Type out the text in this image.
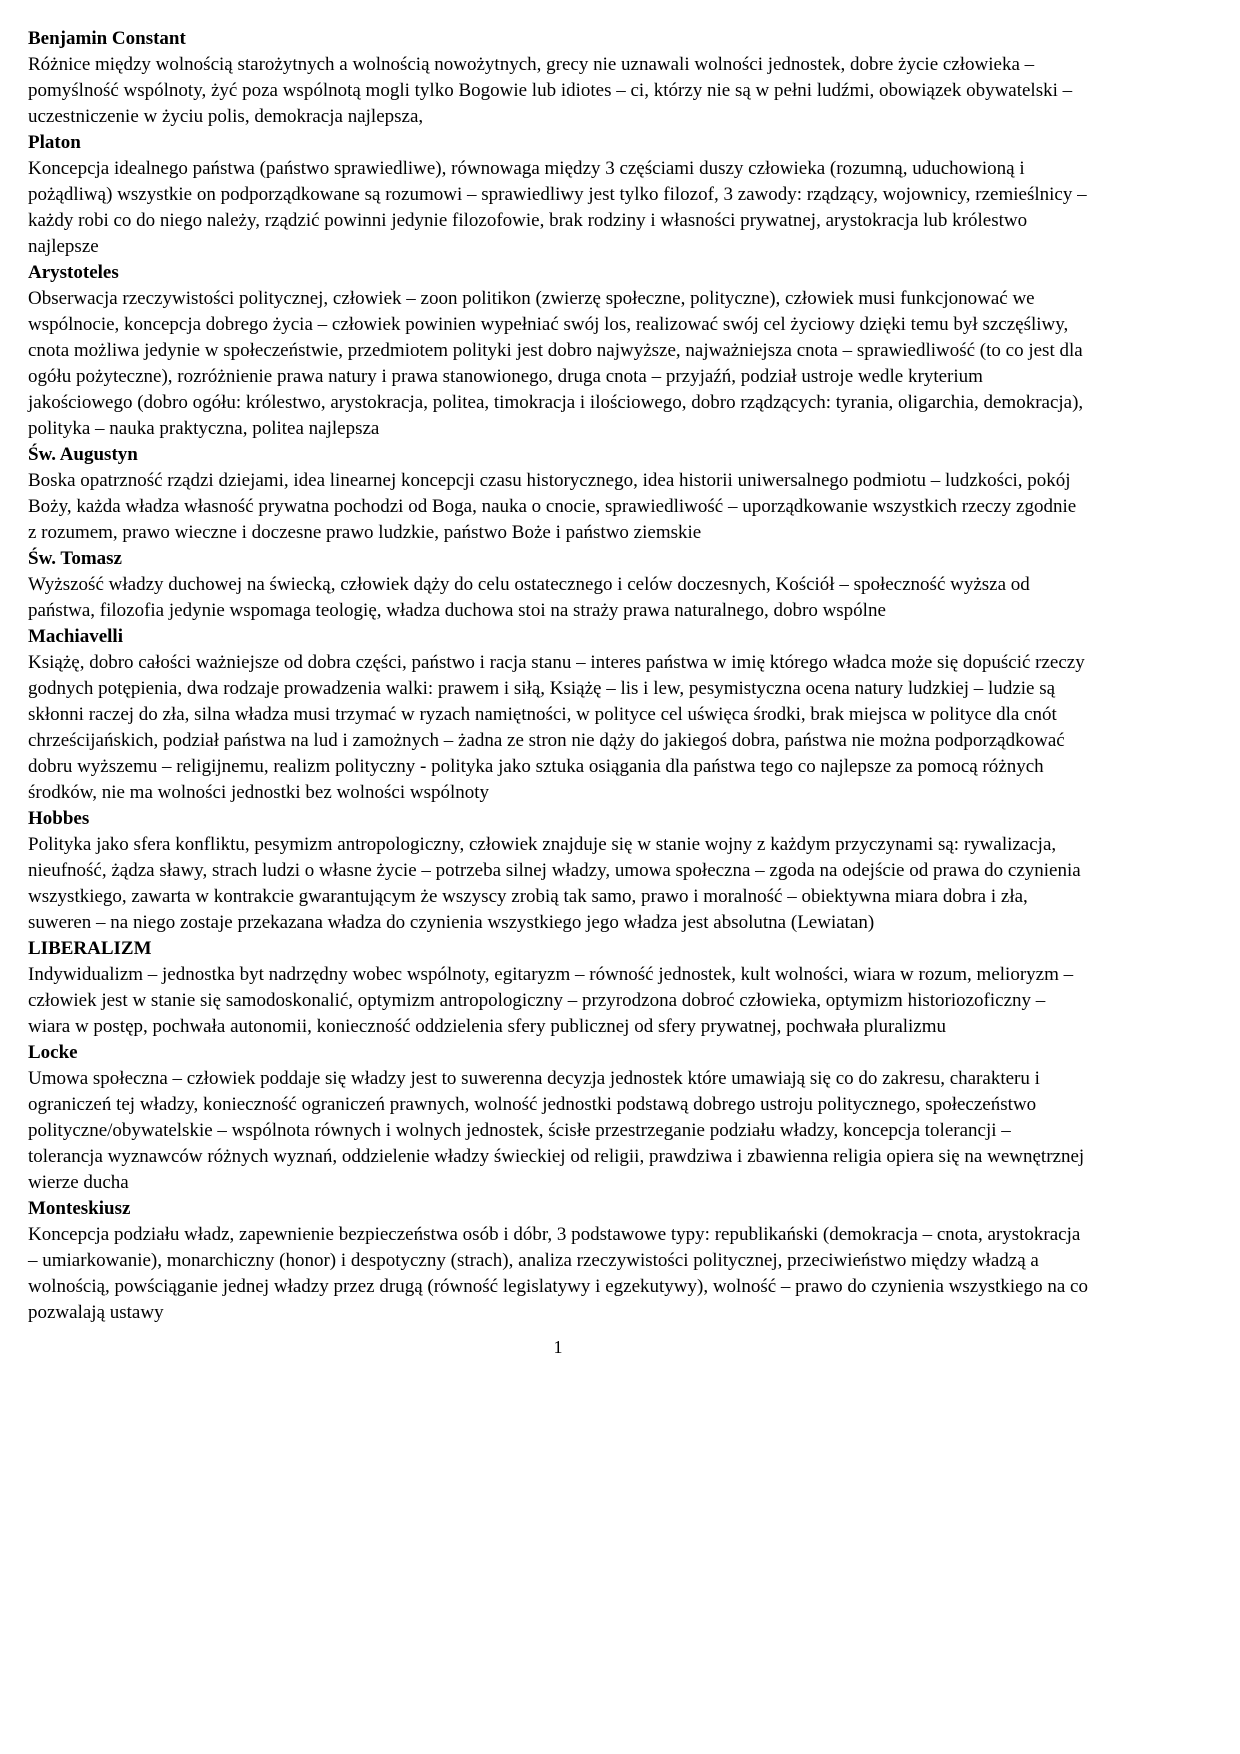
Benjamin Constant

Różnice między wolnością starożytnych a wolnością nowożytnych, grecy nie uznawali wolności jednostek, dobre życie człowieka – pomyślność wspólnoty, żyć poza wspólnotą mogli tylko Bogowie lub idiotes – ci, którzy nie są w pełni ludźmi, obowiązek obywatelski – uczestniczenie w życiu polis, demokracja najlepsza,

Platon

Koncepcja idealnego państwa (państwo sprawiedliwe), równowaga między 3 częściami duszy człowieka (rozumną, uduchowioną i pożądliwą) wszystkie on podporządkowane są rozumowi – sprawiedliwy jest tylko filozof, 3 zawody: rządzący, wojownicy, rzemieślnicy – każdy robi co do niego należy, rządzić powinni jedynie filozofowie, brak rodziny i własności prywatnej, arystokracja lub królestwo najlepsze

Arystoteles

Obserwacja rzeczywistości politycznej, człowiek – zoon politikon (zwierzę społeczne, polityczne), człowiek musi funkcjonować we wspólnocie, koncepcja dobrego życia – człowiek powinien wypełniać swój los, realizować swój cel życiowy dzięki temu był szczęśliwy, cnota możliwa jedynie w społeczeństwie, przedmiotem polityki jest dobro najwyższe, najważniejsza cnota – sprawiedliwość (to co jest dla ogółu pożyteczne), rozróżnienie prawa natury i prawa stanowionego, druga cnota – przyjaźń, podział ustroje wedle kryterium jakościowego (dobro ogółu: królestwo, arystokracja, politea, timokracja i ilościowego, dobro rządzących: tyrania, oligarchia, demokracja), polityka – nauka praktyczna, politea najlepsza

Św. Augustyn

Boska opatrzność rządzi dziejami, idea linearnej koncepcji czasu historycznego, idea historii uniwersalnego podmiotu – ludzkości, pokój Boży, każda władza własność prywatna pochodzi od Boga, nauka o cnocie, sprawiedliwość – uporządkowanie wszystkich rzeczy zgodnie z rozumem, prawo wieczne i doczesne prawo ludzkie, państwo Boże i państwo ziemskie

Św. Tomasz

Wyższość władzy duchowej na świecką, człowiek dąży do celu ostatecznego i celów doczesnych, Kościół – społeczność wyższa od państwa, filozofia jedynie wspomaga teologię, władza duchowa stoi na straży prawa naturalnego, dobro wspólne

Machiavelli

Książę, dobro całości ważniejsze od dobra części, państwo i racja stanu – interes państwa w imię którego władca może się dopuścić rzeczy godnych potępienia, dwa rodzaje prowadzenia walki: prawem i siłą, Książę – lis i lew, pesymistyczna ocena natury ludzkiej – ludzie są skłonni raczej do zła, silna władza musi trzymać w ryzach namiętności, w polityce cel uświęca środki, brak miejsca w polityce dla cnót chrześcijańskich, podział państwa na lud i zamożnych – żadna ze stron nie dąży do jakiegoś dobra, państwa nie można podporządkować dobru wyższemu – religijnemu, realizm polityczny - polityka jako sztuka osiągania dla państwa tego co najlepsze za pomocą różnych środków, nie ma wolności jednostki bez wolności wspólnoty

Hobbes

Polityka jako sfera konfliktu, pesymizm antropologiczny, człowiek znajduje się w stanie wojny z każdym przyczynami są: rywalizacja, nieufność, żądza sławy, strach ludzi o własne życie – potrzeba silnej władzy, umowa społeczna – zgoda na odejście od prawa do czynienia wszystkiego, zawarta w kontrakcie gwarantującym że wszyscy zrobią tak samo, prawo i moralność – obiektywna miara dobra i zła, suweren – na niego zostaje przekazana władza do czynienia wszystkiego jego władza jest absolutna (Lewiatan)

LIBERALIZM

Indywidualizm – jednostka byt nadrzędny wobec wspólnoty, egitaryzm – równość jednostek, kult wolności, wiara w rozum, melioryzm – człowiek jest w stanie się samodoskonalić, optymizm antropologiczny – przyrodzona dobroć człowieka, optymizm historiozoficzny – wiara w postęp, pochwała autonomii, konieczność oddzielenia sfery publicznej od sfery prywatnej, pochwała pluralizmu

Locke

Umowa społeczna – człowiek poddaje się władzy jest to suwerenna decyzja jednostek które umawiają się co do zakresu, charakteru i ograniczeń tej władzy, konieczność ograniczeń prawnych, wolność jednostki podstawą dobrego ustroju politycznego, społeczeństwo polityczne/obywatelskie – wspólnota równych i wolnych jednostek, ścisłe przestrzeganie podziału władzy, koncepcja tolerancji – tolerancja wyznawców różnych wyznań, oddzielenie władzy świeckiej od religii, prawdziwa i zbawienna religia opiera się na wewnętrznej wierze ducha

Monteskiusz

Koncepcja podziału władz, zapewnienie bezpieczeństwa osób i dóbr, 3 podstawowe typy: republikański (demokracja – cnota, arystokracja – umiarkowanie), monarchiczny (honor) i despotyczny (strach), analiza rzeczywistości politycznej, przeciwieństwo między władzą a wolnością, powściąganie jednej władzy przez drugą (równość legislatywy i egzekutywy), wolność – prawo do czynienia wszystkiego na co pozwalają ustawy

1
